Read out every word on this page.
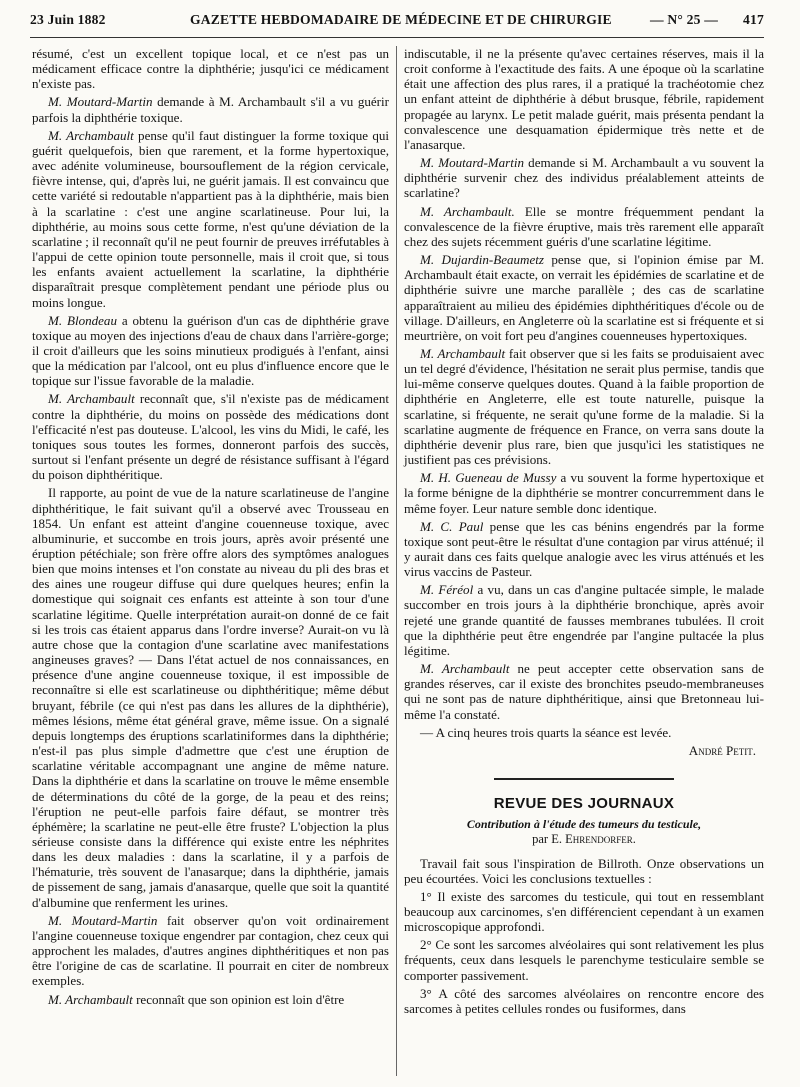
23 Juin 1882	GAZETTE HEBDOMADAIRE DE MÉDECINE ET DE CHIRURGIE	— N° 25 — 417

résumé, c'est un excellent topique local, et ce n'est pas un médicament efficace contre la diphthérie; jusqu'ici ce médicament n'existe pas.

M. Moutard-Martin demande à M. Archambault s'il a vu guérir parfois la diphthérie toxique.

M. Archambault pense qu'il faut distinguer la forme toxique qui guérit quelquefois, bien que rarement, et la forme hypertoxique, avec adénite volumineuse, boursouflement de la région cervicale, fièvre intense, qui, d'après lui, ne guérit jamais. Il est convaincu que cette variété si redoutable n'appartient pas à la diphthérie, mais bien à la scarlatine : c'est une angine scarlatineuse. Pour lui, la diphthérie, au moins sous cette forme, n'est qu'une déviation de la scarlatine ; il reconnaît qu'il ne peut fournir de preuves irréfutables à l'appui de cette opinion toute personnelle, mais il croit que, si tous les enfants avaient actuellement la scarlatine, la diphthérie disparaîtrait presque complètement pendant une période plus ou moins longue.

M. Blondeau a obtenu la guérison d'un cas de diphthérie grave toxique au moyen des injections d'eau de chaux dans l'arrière-gorge; il croit d'ailleurs que les soins minutieux prodigués à l'enfant, ainsi que la médication par l'alcool, ont eu plus d'influence encore que le topique sur l'issue favorable de la maladie.

M. Archambault reconnaît que, s'il n'existe pas de médicament contre la diphthérie, du moins on possède des médications dont l'efficacité n'est pas douteuse. L'alcool, les vins du Midi, le café, les toniques sous toutes les formes, donneront parfois des succès, surtout si l'enfant présente un degré de résistance suffisant à l'égard du poison diphthéritique.

Il rapporte, au point de vue de la nature scarlatineuse de l'angine diphthéritique, le fait suivant qu'il a observé avec Trousseau en 1854. Un enfant est atteint d'angine couenneuse toxique, avec albuminurie, et succombe en trois jours, après avoir présenté une éruption pétéchiale; son frère offre alors des symptômes analogues bien que moins intenses et l'on constate au niveau du pli des bras et des aines une rougeur diffuse qui dure quelques heures; enfin la domestique qui soignait ces enfants est atteinte à son tour d'une scarlatine légitime. Quelle interprétation aurait-on donné de ce fait si les trois cas étaient apparus dans l'ordre inverse? Aurait-on vu là autre chose que la contagion d'une scarlatine avec manifestations angineuses graves? — Dans l'état actuel de nos connaissances, en présence d'une angine couenneuse toxique, il est impossible de reconnaître si elle est scarlatineuse ou diphthéritique; même début bruyant, fébrile (ce qui n'est pas dans les allures de la diphthérie), mêmes lésions, même état général grave, même issue. On a signalé depuis longtemps des éruptions scarlatiniformes dans la diphthérie; n'est-il pas plus simple d'admettre que c'est une éruption de scarlatine véritable accompagnant une angine de même nature. Dans la diphthérie et dans la scarlatine on trouve le même ensemble de déterminations du côté de la gorge, de la peau et des reins; l'éruption ne peut-elle parfois faire défaut, se montrer très éphémère; la scarlatine ne peut-elle être fruste? L'objection la plus sérieuse consiste dans la différence qui existe entre les néphrites dans les deux maladies : dans la scarlatine, il y a parfois de l'hématurie, très souvent de l'anasarque; dans la diphthérie, jamais de pissement de sang, jamais d'anasarque, quelle que soit la quantité d'albumine que renferment les urines.

M. Moutard-Martin fait observer qu'on voit ordinairement l'angine couenneuse toxique engendrer par contagion, chez ceux qui approchent les malades, d'autres angines diphthéritiques et non pas être l'origine de cas de scarlatine. Il pourrait en citer de nombreux exemples.

M. Archambault reconnaît que son opinion est loin d'être

indiscutable, il ne la présente qu'avec certaines réserves, mais il la croit conforme à l'exactitude des faits. A une époque où la scarlatine était une affection des plus rares, il a pratiqué la trachéotomie chez un enfant atteint de diphthérie à début brusque, fébrile, rapidement propagée au larynx. Le petit malade guérit, mais présenta pendant la convalescence une desquamation épidermique très nette et de l'anasarque.

M. Moutard-Martin demande si M. Archambault a vu souvent la diphthérie survenir chez des individus préalablement atteints de scarlatine?

M. Archambault. Elle se montre fréquemment pendant la convalescence de la fièvre éruptive, mais très rarement elle apparaît chez des sujets récemment guéris d'une scarlatine légitime.

M. Dujardin-Beaumetz pense que, si l'opinion émise par M. Archambault était exacte, on verrait les épidémies de scarlatine et de diphthérie suivre une marche parallèle ; des cas de scarlatine apparaîtraient au milieu des épidémies diphthéritiques d'école ou de village. D'ailleurs, en Angleterre où la scarlatine est si fréquente et si meurtrière, on voit fort peu d'angines couenneuses hypertoxiques.

M. Archambault fait observer que si les faits se produisaient avec un tel degré d'évidence, l'hésitation ne serait plus permise, tandis que lui-même conserve quelques doutes. Quand à la faible proportion de diphthérie en Angleterre, elle est toute naturelle, puisque la scarlatine, si fréquente, ne serait qu'une forme de la maladie. Si la scarlatine augmente de fréquence en France, on verra sans doute la diphthérie devenir plus rare, bien que jusqu'ici les statistiques ne justifient pas ces prévisions.

M. H. Gueneau de Mussy a vu souvent la forme hypertoxique et la forme bénigne de la diphthérie se montrer concurremment dans le même foyer. Leur nature semble donc identique.

M. C. Paul pense que les cas bénins engendrés par la forme toxique sont peut-être le résultat d'une contagion par virus atténué; il y aurait dans ces faits quelque analogie avec les virus atténués et les virus vaccins de Pasteur.

M. Féréol a vu, dans un cas d'angine pultacée simple, le malade succomber en trois jours à la diphthérie bronchique, après avoir rejeté une grande quantité de fausses membranes tubulées. Il croit que la diphthérie peut être engendrée par l'angine pultacée la plus légitime.

M. Archambault ne peut accepter cette observation sans de grandes réserves, car il existe des bronchites pseudo-membraneuses qui ne sont pas de nature diphthéritique, ainsi que Bretonneau lui-même l'a constaté.

— A cinq heures trois quarts la séance est levée.

André Petit.
REVUE DES JOURNAUX
Contribution à l'étude des tumeurs du testicule,
par E. Ehrendorfer.

Travail fait sous l'inspiration de Billroth. Onze observations un peu écourtées. Voici les conclusions textuelles :

1° Il existe des sarcomes du testicule, qui tout en ressemblant beaucoup aux carcinomes, s'en différencient cependant à un examen microscopique approfondi.

2° Ce sont les sarcomes alvéolaires qui sont relativement les plus fréquents, ceux dans lesquels le parenchyme testiculaire semble se comporter passivement.

3° A côté des sarcomes alvéolaires on rencontre encore des sarcomes à petites cellules rondes ou fusiformes, dans
